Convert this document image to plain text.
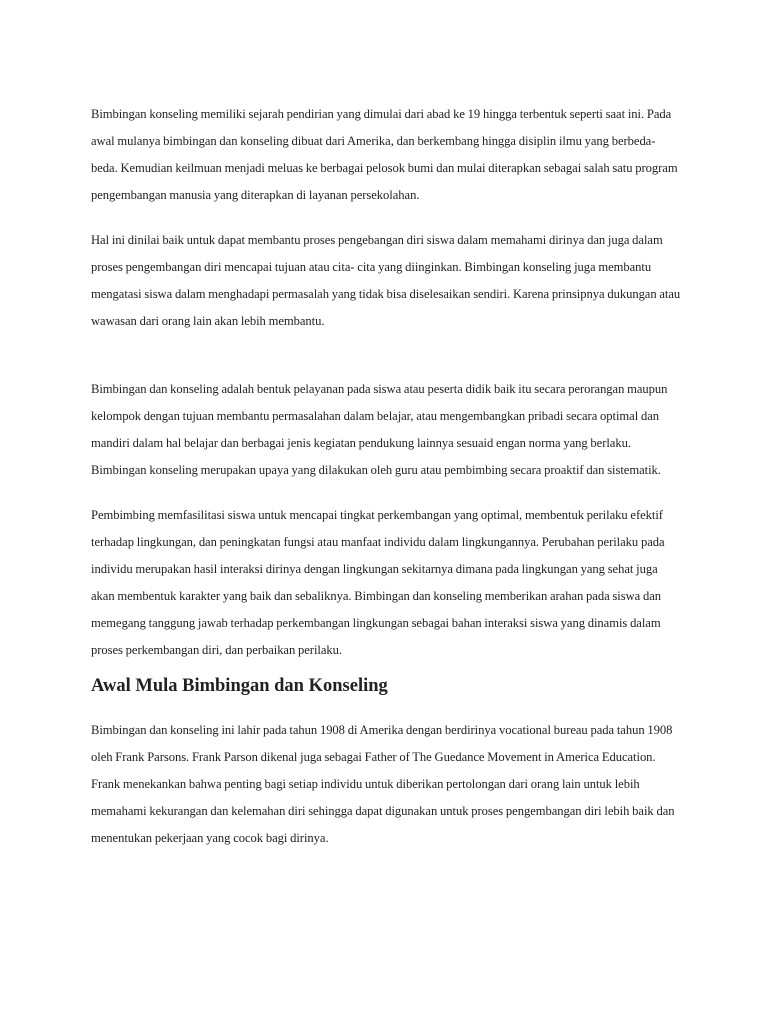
Bimbingan konseling memiliki sejarah pendirian yang dimulai dari abad ke 19 hingga terbentuk seperti saat ini. Pada awal mulanya bimbingan dan konseling dibuat dari Amerika, dan berkembang hingga disiplin ilmu yang berbeda- beda. Kemudian keilmuan menjadi meluas ke berbagai pelosok bumi dan mulai diterapkan sebagai salah satu program pengembangan manusia yang diterapkan di layanan persekolahan.

Hal ini dinilai baik untuk dapat membantu proses pengebangan diri siswa dalam memahami dirinya dan juga dalam proses pengembangan diri mencapai tujuan atau cita- cita yang diinginkan. Bimbingan konseling juga membantu mengatasi siswa dalam menghadapi permasalah yang tidak bisa diselesaikan sendiri. Karena prinsipnya dukungan atau wawasan dari orang lain akan lebih membantu.

Bimbingan dan konseling adalah bentuk pelayanan pada siswa atau peserta didik baik itu secara perorangan maupun kelompok dengan tujuan membantu permasalahan dalam belajar, atau mengembangkan pribadi secara optimal dan mandiri dalam hal belajar dan berbagai jenis kegiatan pendukung lainnya sesuaid engan norma yang berlaku. Bimbingan konseling merupakan upaya yang dilakukan oleh guru atau pembimbing secara proaktif dan sistematik.

Pembimbing memfasilitasi siswa untuk mencapai tingkat perkembangan yang optimal, membentuk perilaku efektif terhadap lingkungan, dan peningkatan fungsi atau manfaat individu dalam lingkungannya. Perubahan perilaku pada individu merupakan hasil interaksi dirinya dengan lingkungan sekitarnya dimana pada lingkungan yang sehat juga akan membentuk karakter yang baik dan sebaliknya. Bimbingan dan konseling memberikan arahan pada siswa dan memegang tanggung jawab terhadap perkembangan lingkungan sebagai bahan interaksi siswa yang dinamis dalam proses perkembangan diri, dan perbaikan perilaku.

Awal Mula Bimbingan dan Konseling

Bimbingan dan konseling ini lahir pada tahun 1908 di Amerika dengan berdirinya vocational bureau pada tahun 1908 oleh Frank Parsons. Frank Parson dikenal juga sebagai Father of The Guedance Movement in America Education. Frank menekankan bahwa penting bagi setiap individu untuk diberikan pertolongan dari orang lain untuk lebih memahami kekurangan dan kelemahan diri sehingga dapat digunakan untuk proses pengembangan diri lebih baik dan menentukan pekerjaan yang cocok bagi dirinya.
